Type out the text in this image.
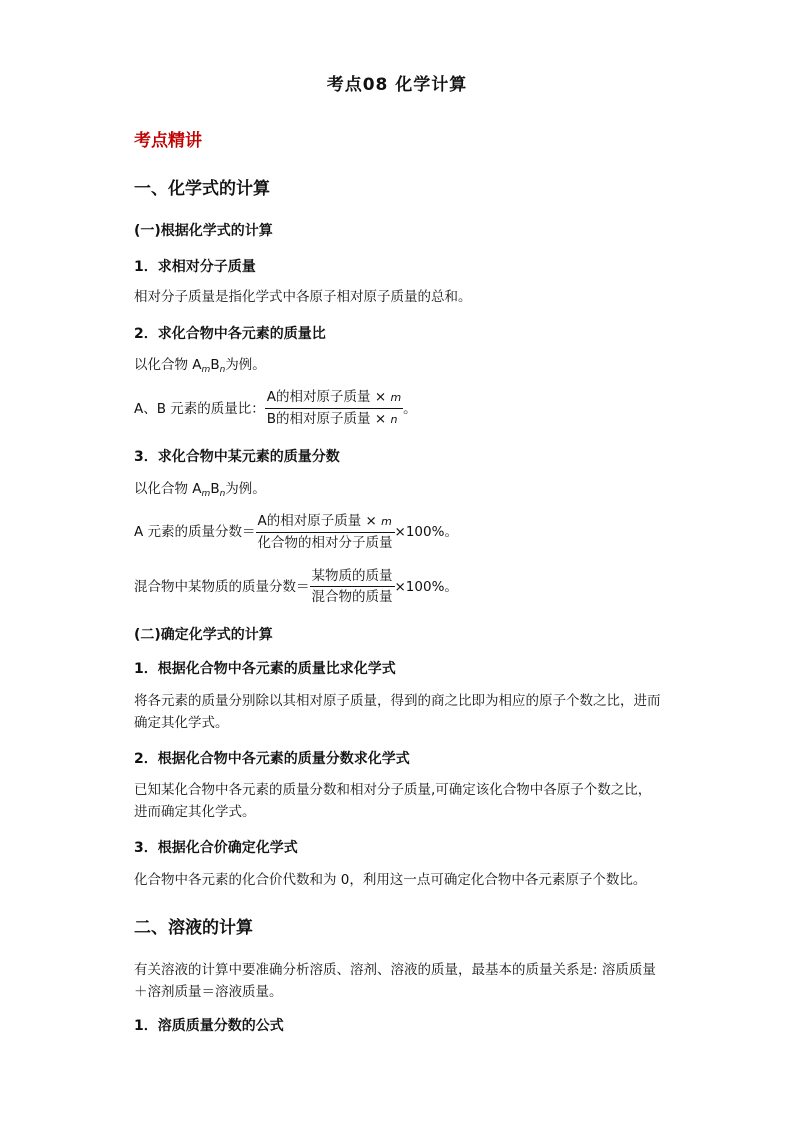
考点08 化学计算
考点精讲
一、化学式的计算
(一)根据化学式的计算
1．求相对分子质量
相对分子质量是指化学式中各原子相对原子质量的总和。
2．求化合物中各元素的质量比
以化合物 $A_mB_n$为例。
A、B 元素的质量比： $\frac{\text{A的相对原子质量 × m}}{\text{B的相对原子质量 × n}}$ 。
3．求化合物中某元素的质量分数
以化合物 $A_mB_n$为例。
A 元素的质量分数＝ $\frac{\text{A的相对原子质量 × m}}{\text{化合物的相对分子质量}} \times 100\%$。
混合物中某物质的质量分数＝ $\frac{\text{某物质的质量}}{\text{混合物的质量}} \times 100\%$。
(二)确定化学式的计算
1．根据化合物中各元素的质量比求化学式
将各元素的质量分别除以其相对原子质量，得到的商之比即为相应的原子个数之比，进而确定其化学式。
2．根据化合物中各元素的质量分数求化学式
已知某化合物中各元素的质量分数和相对分子质量,可确定该化合物中各原子个数之比，进而确定其化学式。
3．根据化合价确定化学式
化合物中各元素的化合价代数和为 0，利用这一点可确定化合物中各元素原子个数比。
二、溶液的计算
有关溶液的计算中要准确分析溶质、溶剂、溶液的质量，最基本的质量关系是: 溶质质量＋溶剂质量＝溶液质量。
1．溶质质量分数的公式
